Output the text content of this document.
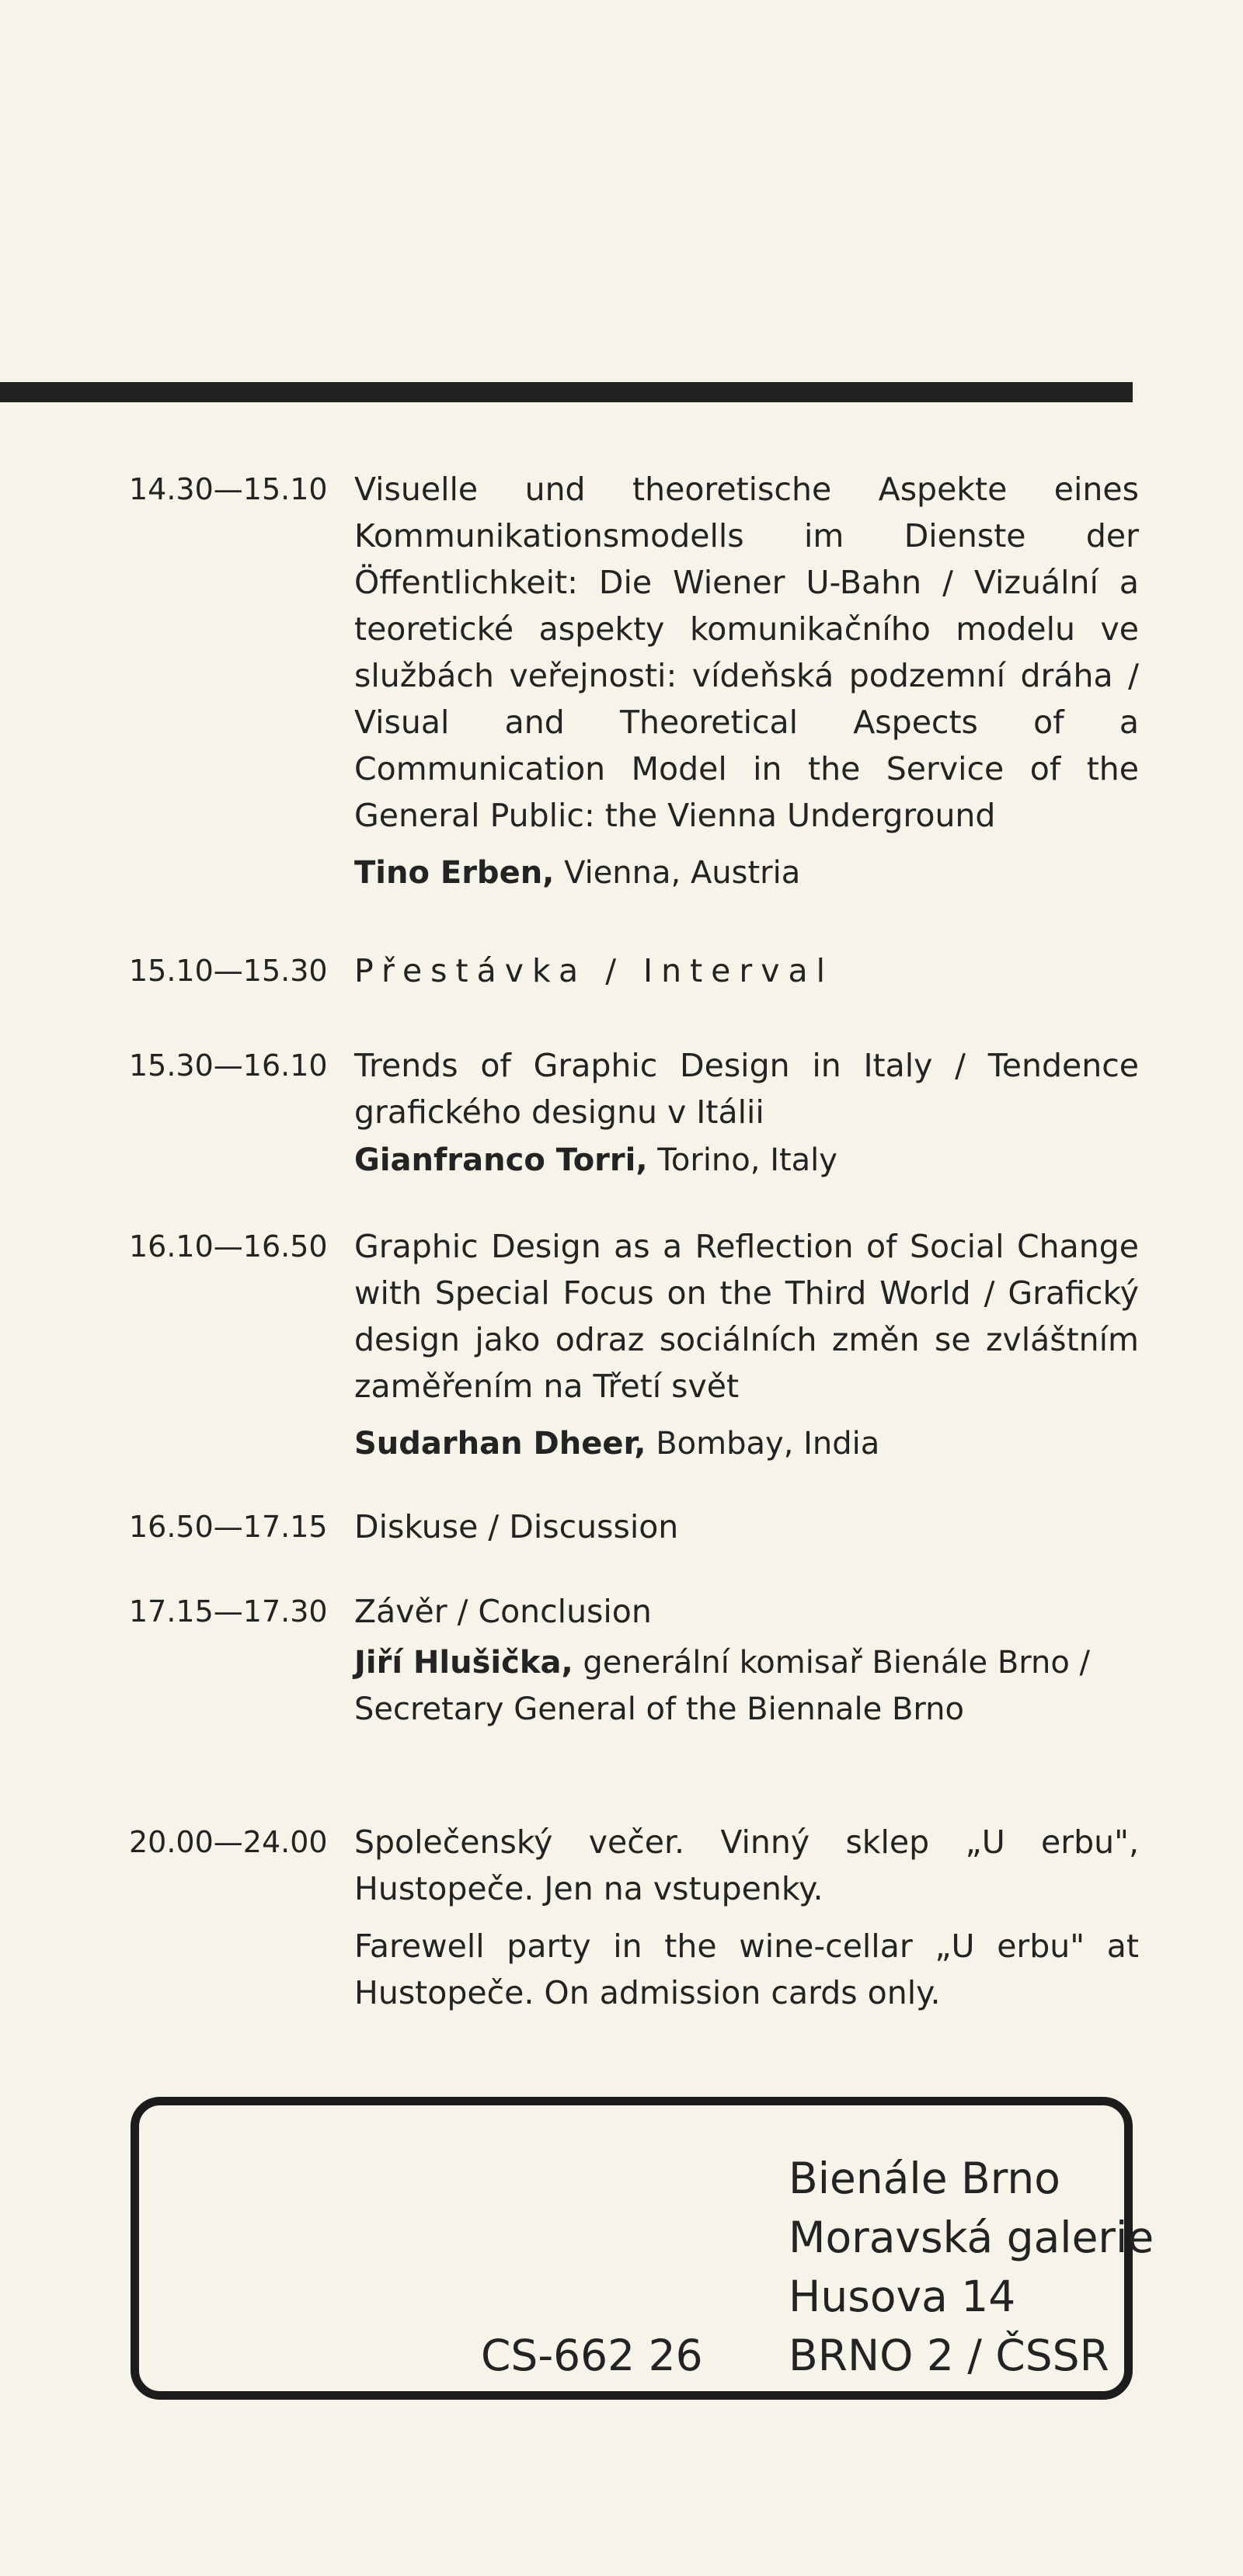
14.30—15.10 Visuelle und theoretische Aspekte eines Kommunikationsmodells im Dienste der Öffentlichkeit: Die Wiener U-Bahn / Vizuální a teoretické aspekty komunikačního modelu ve službách veřejnosti: vídeňská podzemní dráha / Visual and Theoretical Aspects of a Communication Model in the Service of the General Public: the Vienna Underground

Tino Erben, Vienna, Austria

15.10—15.30 Přestávka / Interval

15.30—16.10 Trends of Graphic Design in Italy / Tendence grafického designu v Itálii

Gianfranco Torri, Torino, Italy

16.10—16.50 Graphic Design as a Reflection of Social Change with Special Focus on the Third World / Grafický design jako odraz sociálních změn se zvláštním zaměřením na Třetí svět

Sudarhan Dheer, Bombay, India

16.50—17.15 Diskuse / Discussion

17.15—17.30 Závěr / Conclusion

Jiří Hlušička, generální komisař Bienále Brno / Secretary General of the Biennale Brno

20.00—24.00 Společenský večer. Vinný sklep „U erbu", Hustopeče. Jen na vstupenky.

Farewell party in the wine-cellar „U erbu" at Hustopeče. On admission cards only.

Bienále Brno
Moravská galerie
Husova 14
CS-662 26 BRNO 2 / ČSSR
